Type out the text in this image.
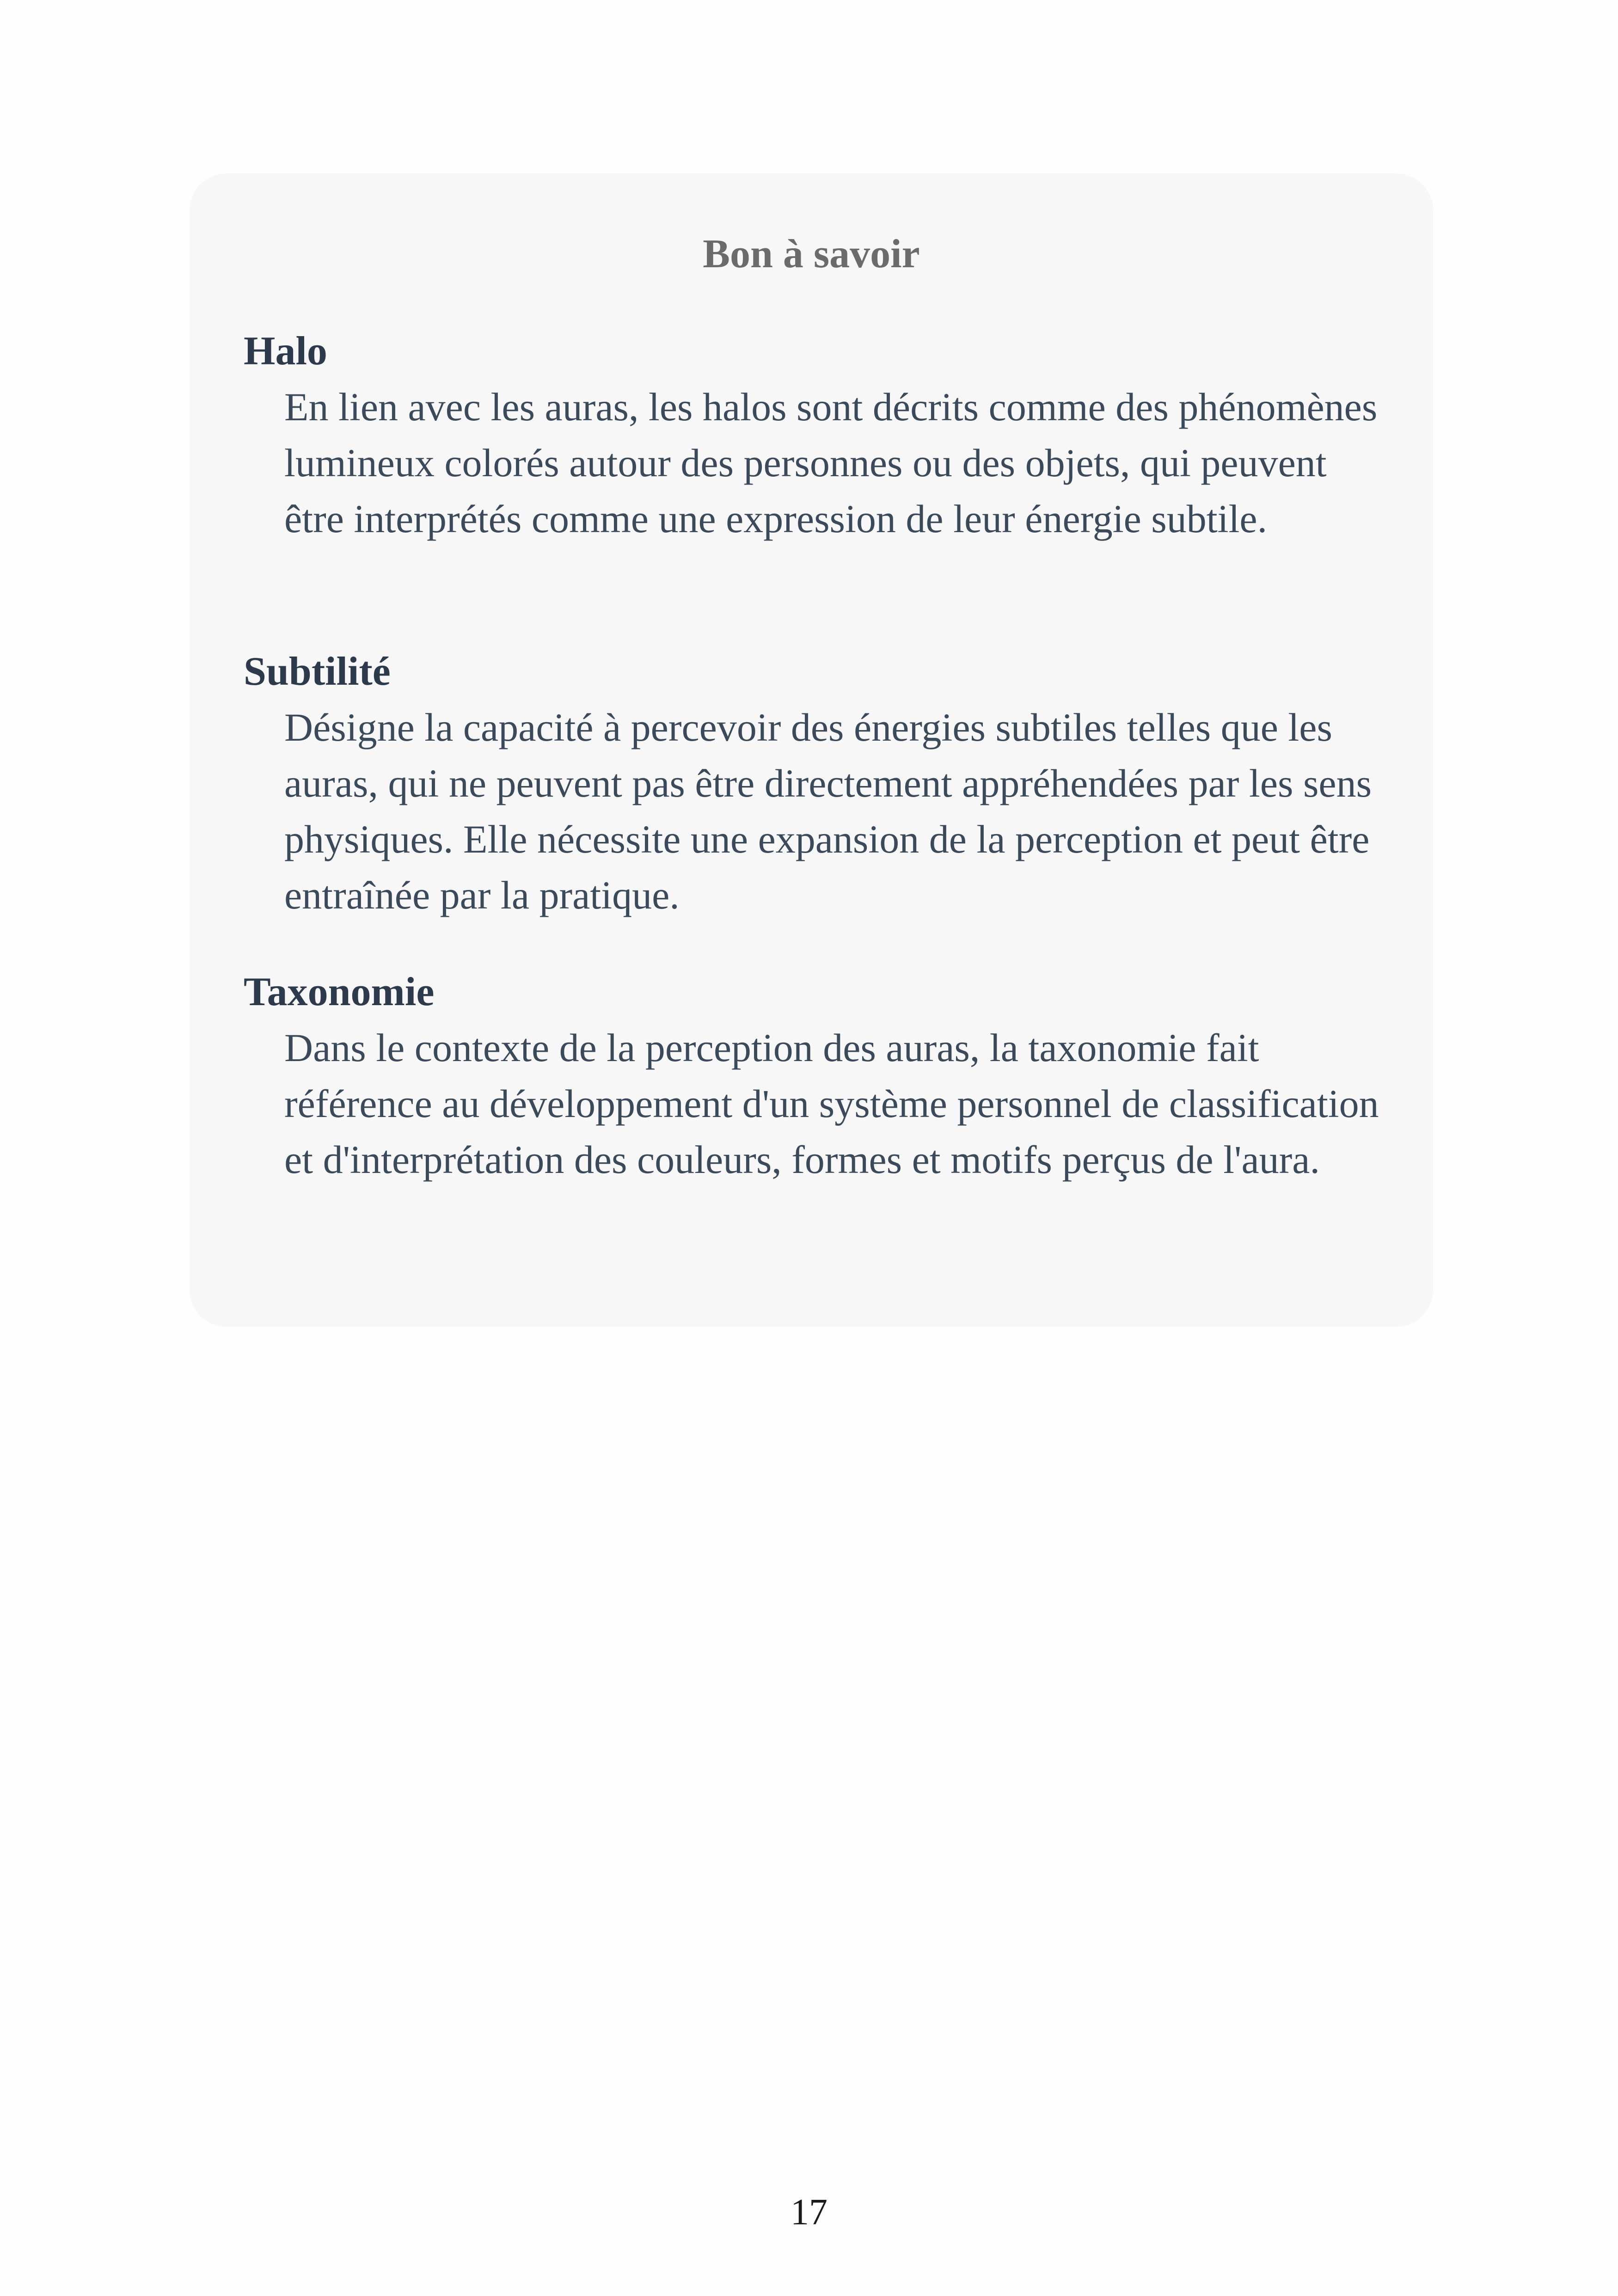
Bon à savoir

Halo

En lien avec les auras, les halos sont décrits comme des phénomènes lumineux colorés autour des personnes ou des objets, qui peuvent être interprétés comme une expression de leur énergie subtile.

Subtilité

Désigne la capacité à percevoir des énergies subtiles telles que les auras, qui ne peuvent pas être directement appréhendées par les sens physiques. Elle nécessite une expansion de la perception et peut être entraînée par la pratique.

Taxonomie

Dans le contexte de la perception des auras, la taxonomie fait référence au développement d'un système personnel de classification et d'interprétation des couleurs, formes et motifs perçus de l'aura.

17
